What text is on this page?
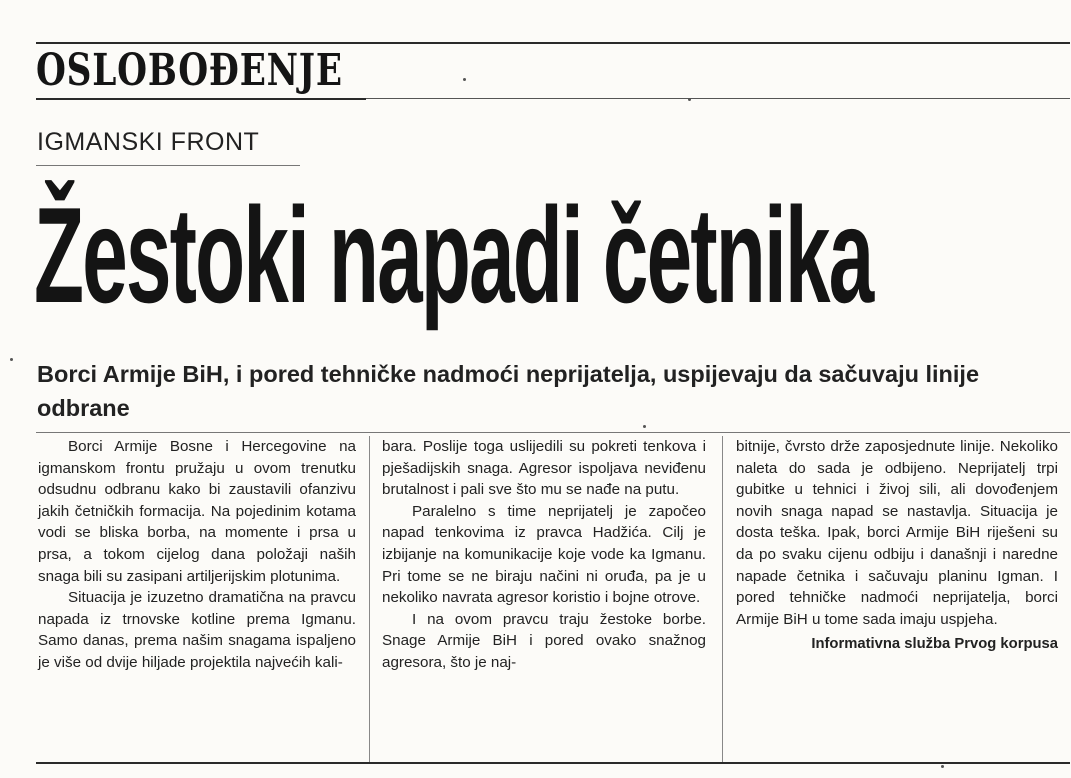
OSLOBOĐENJE
IGMANSKI FRONT
Žestoki napadi četnika
Borci Armije BiH, i pored tehničke nadmoći neprijatelja, uspijevaju da sačuvaju linije odbrane

Borci Armije Bosne i Hercegovine na igmanskom frontu pružaju u ovom trenutku odsudnu odbranu kako bi zaustavili ofanzivu jakih četničkih formacija. Na pojedinim kotama vodi se bliska borba, na momente i prsa u prsa, a tokom cijelog dana položaji naših snaga bili su zasipani artiljerijskim plotunima.

Situacija je izuzetno dramatična na pravcu napada iz trnovske kotline prema Igmanu. Samo danas, prema našim snagama ispaljeno je više od dvije hiljade projektila najvećih kali-

bara. Poslije toga uslijedili su pokreti tenkova i pješadijskih snaga. Agresor ispoljava neviđenu brutalnost i pali sve što mu se nađe na putu.

Paralelno s time neprijatelj je započeo napad tenkovima iz pravca Hadžića. Cilj je izbijanje na komunikacije koje vode ka Igmanu. Pri tome se ne biraju načini ni oruđa, pa je u nekoliko navrata agresor koristio i bojne otrove.

I na ovom pravcu traju žestoke borbe. Snage Armije BiH i pored ovako snažnog agresora, što je naj-

bitnije, čvrsto drže zaposjednute linije. Nekoliko naleta do sada je odbijeno. Neprijatelj trpi gubitke u tehnici i živoj sili, ali dovođenjem novih snaga napad se nastavlja. Situacija je dosta teška. Ipak, borci Armije BiH riješeni su da po svaku cijenu odbiju i današnji i naredne napade četnika i sačuvaju planinu Igman. I pored tehničke nadmoći neprijatelja, borci Armije BiH u tome sada imaju uspjeha.

Informativna služba Prvog korpusa
